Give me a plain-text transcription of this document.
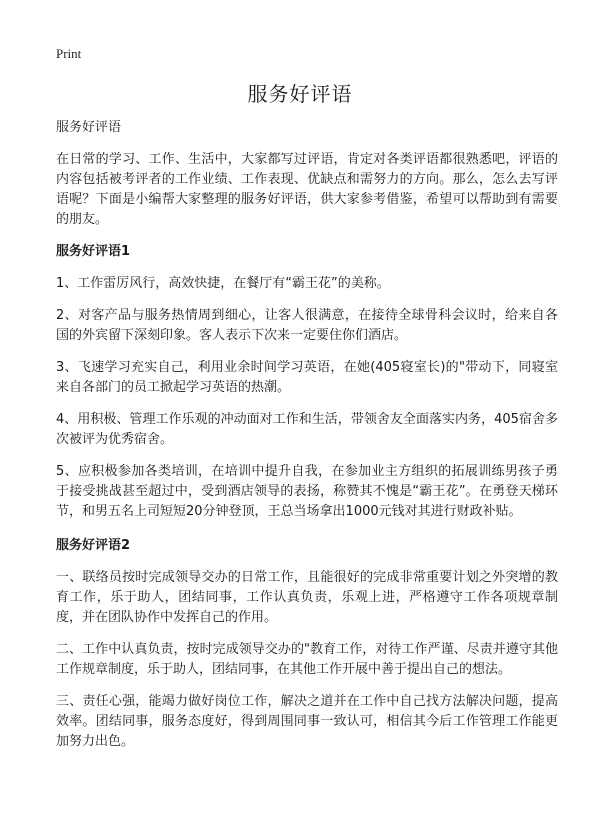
Print
服务好评语

服务好评语

在日常的学习、工作、生活中，大家都写过评语，肯定对各类评语都很熟悉吧，评语的内容包括被考评者的工作业绩、工作表现、优缺点和需努力的方向。那么，怎么去写评语呢？下面是小编帮大家整理的服务好评语，供大家参考借鉴，希望可以帮助到有需要的朋友。

服务好评语1

1、工作雷厉风行，高效快捷，在餐厅有“霸王花”的美称。

2、对客产品与服务热情周到细心，让客人很满意，在接待全球骨科会议时，给来自各国的外宾留下深刻印象。客人表示下次来一定要住你们酒店。

3、飞速学习充实自己，利用业余时间学习英语，在她(405寝室长)的"带动下，同寝室来自各部门的员工掀起学习英语的热潮。

4、用积极、管理工作乐观的冲动面对工作和生活，带领舍友全面落实内务，405宿舍多次被评为优秀宿舍。

5、应积极参加各类培训，在培训中提升自我，在参加业主方组织的拓展训练男孩子勇于接受挑战甚至超过中，受到酒店领导的表扬，称赞其不愧是“霸王花”。在勇登天梯环节，和男五名上司短短20分钟登顶，王总当场拿出1000元钱对其进行财政补贴。

服务好评语2

一、联络员按时完成领导交办的日常工作，且能很好的完成非常重要计划之外突增的教育工作，乐于助人，团结同事，工作认真负责，乐观上进，严格遵守工作各项规章制度，并在团队协作中发挥自己的作用。

二、工作中认真负责，按时完成领导交办的"教育工作，对待工作严谨、尽责并遵守其他工作规章制度，乐于助人，团结同事，在其他工作开展中善于提出自己的想法。

三、责任心强，能竭力做好岗位工作，解决之道并在工作中自己找方法解决问题，提高效率。团结同事，服务态度好，得到周围同事一致认可，相信其今后工作管理工作能更加努力出色。
